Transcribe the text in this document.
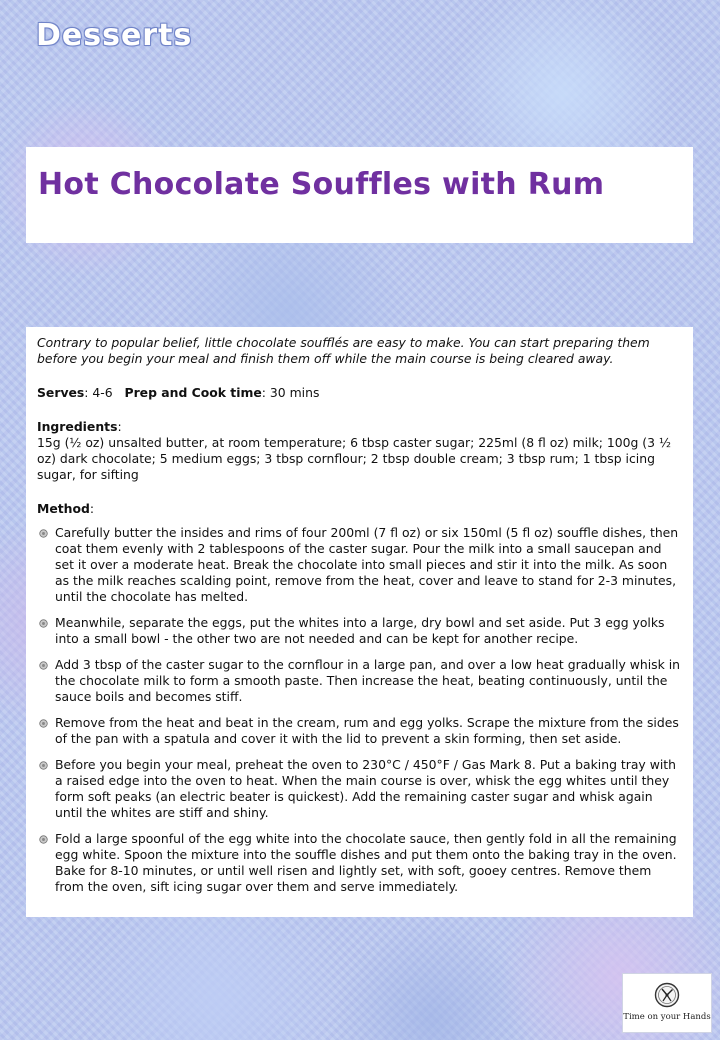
Desserts
Hot Chocolate Souffles with Rum

Contrary to popular belief, little chocolate soufflés are easy to make. You can start preparing them before you begin your meal and finish them off while the main course is being cleared away.

Serves: 4-6 Prep and Cook time: 30 mins

Ingredients:

15g (½ oz) unsalted butter, at room temperature; 6 tbsp caster sugar; 225ml (8 fl oz) milk; 100g (3 ½ oz) dark chocolate; 5 medium eggs; 3 tbsp cornflour; 2 tbsp double cream; 3 tbsp rum; 1 tbsp icing sugar, for sifting

Method:

Carefully butter the insides and rims of four 200ml (7 fl oz) or six 150ml (5 fl oz) souffle dishes, then coat them evenly with 2 tablespoons of the caster sugar. Pour the milk into a small saucepan and set it over a moderate heat. Break the chocolate into small pieces and stir it into the milk. As soon as the milk reaches scalding point, remove from the heat, cover and leave to stand for 2-3 minutes, until the chocolate has melted.
Meanwhile, separate the eggs, put the whites into a large, dry bowl and set aside. Put 3 egg yolks into a small bowl - the other two are not needed and can be kept for another recipe.
Add 3 tbsp of the caster sugar to the cornflour in a large pan, and over a low heat gradually whisk in the chocolate milk to form a smooth paste. Then increase the heat, beating continuously, until the sauce boils and becomes stiff.
Remove from the heat and beat in the cream, rum and egg yolks. Scrape the mixture from the sides of the pan with a spatula and cover it with the lid to prevent a skin forming, then set aside.
Before you begin your meal, preheat the oven to 230°C / 450°F / Gas Mark 8. Put a baking tray with a raised edge into the oven to heat. When the main course is over, whisk the egg whites until they form soft peaks (an electric beater is quickest). Add the remaining caster sugar and whisk again until the whites are stiff and shiny.
Fold a large spoonful of the egg white into the chocolate sauce, then gently fold in all the remaining egg white. Spoon the mixture into the souffle dishes and put them onto the baking tray in the oven. Bake for 8-10 minutes, or until well risen and lightly set, with soft, gooey centres. Remove them from the oven, sift icing sugar over them and serve immediately.
Time on your Hands
